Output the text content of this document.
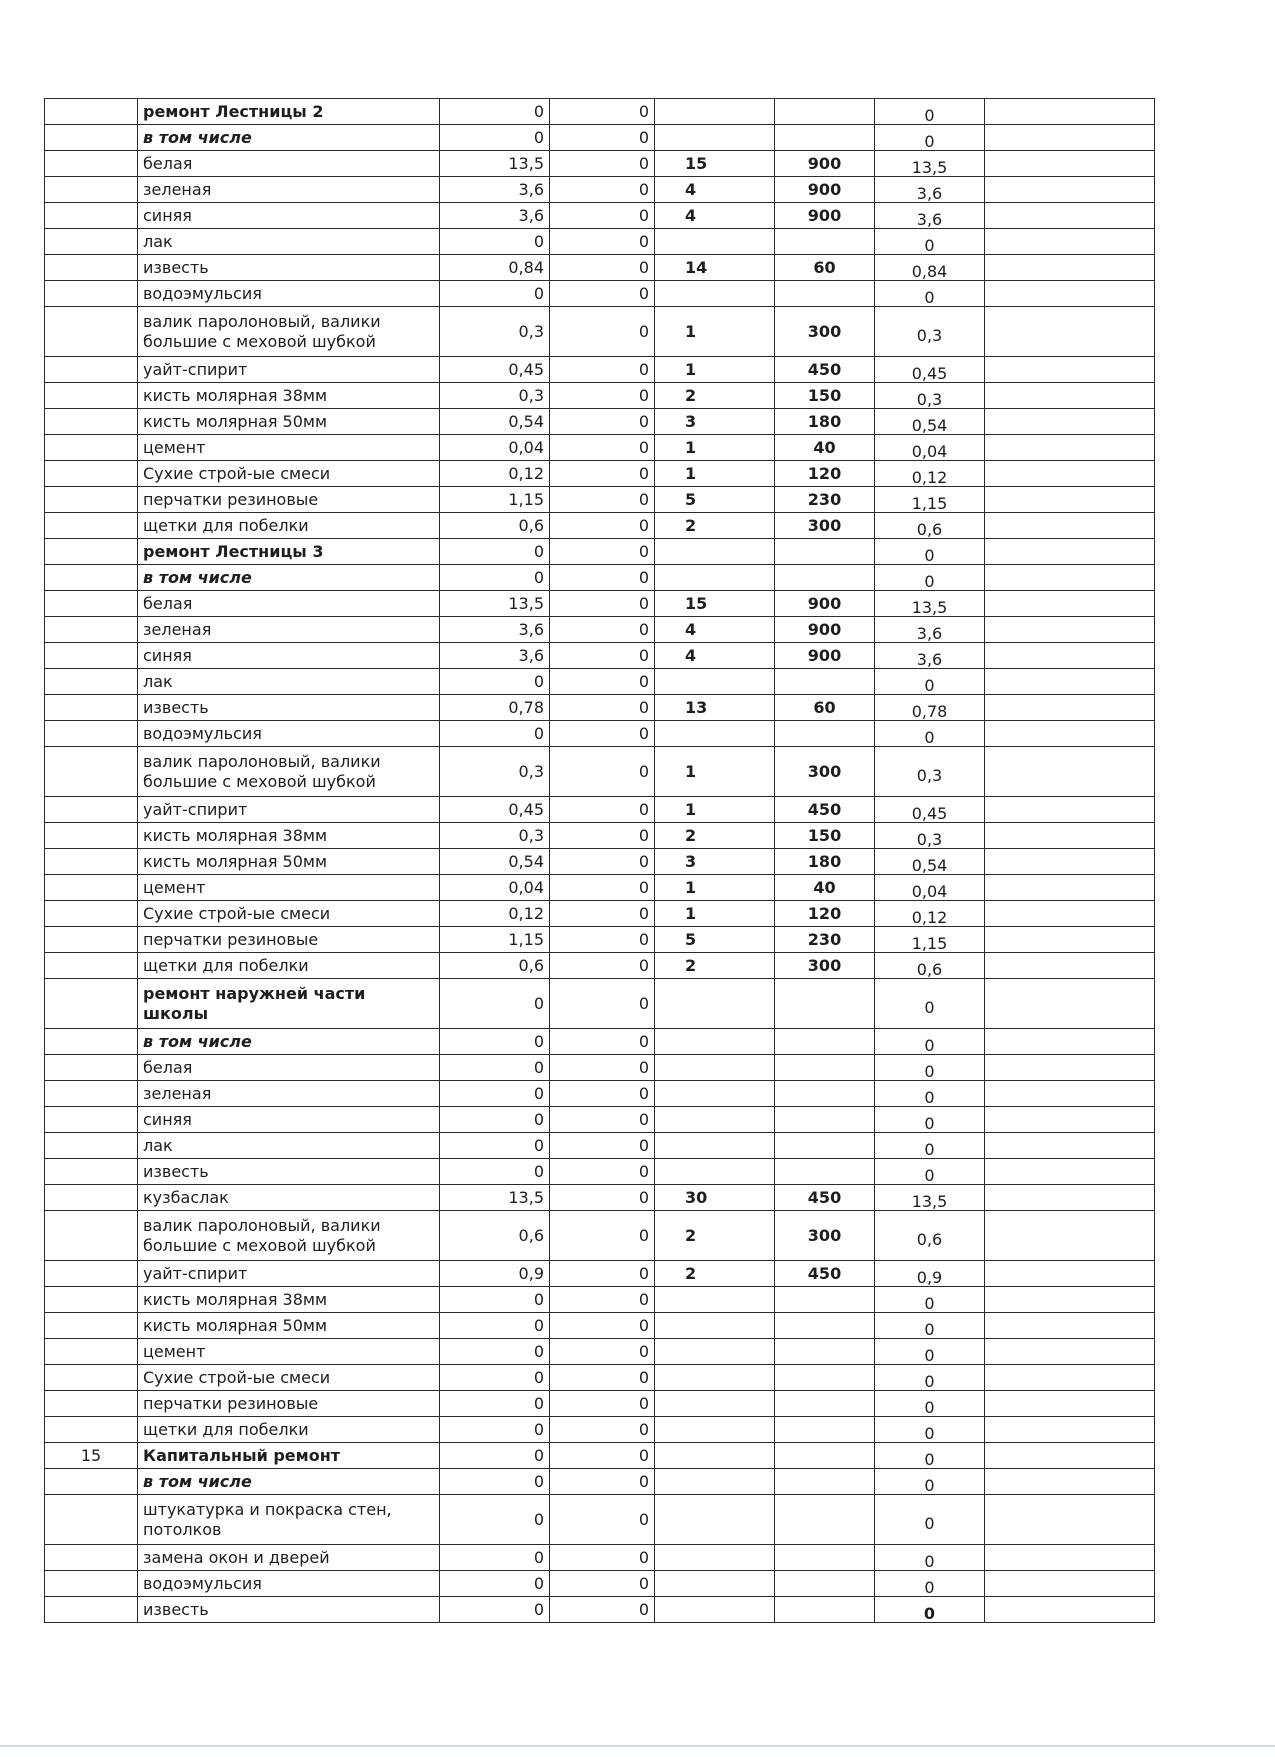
	ремонт Лестницы 2	0	0			0	
	в том числе	0	0			0	
	белая	13,5	0	15	900	13,5	
	зеленая	3,6	0	4	900	3,6	
	синяя	3,6	0	4	900	3,6	
	лак	0	0			0	
	известь	0,84	0	14	60	0,84	
	водоэмульсия	0	0			0	
	валик паролоновый, валики большие с меховой шубкой	0,3	0	1	300	0,3	
	уайт-спирит	0,45	0	1	450	0,45	
	кисть молярная 38мм	0,3	0	2	150	0,3	
	кисть молярная 50мм	0,54	0	3	180	0,54	
	цемент	0,04	0	1	40	0,04	
	Сухие строй-ые смеси	0,12	0	1	120	0,12	
	перчатки резиновые	1,15	0	5	230	1,15	
	щетки для побелки	0,6	0	2	300	0,6	
	ремонт Лестницы 3	0	0			0	
	в том числе	0	0			0	
	белая	13,5	0	15	900	13,5	
	зеленая	3,6	0	4	900	3,6	
	синяя	3,6	0	4	900	3,6	
	лак	0	0			0	
	известь	0,78	0	13	60	0,78	
	водоэмульсия	0	0			0	
	валик паролоновый, валики большие с меховой шубкой	0,3	0	1	300	0,3	
	уайт-спирит	0,45	0	1	450	0,45	
	кисть молярная 38мм	0,3	0	2	150	0,3	
	кисть молярная 50мм	0,54	0	3	180	0,54	
	цемент	0,04	0	1	40	0,04	
	Сухие строй-ые смеси	0,12	0	1	120	0,12	
	перчатки резиновые	1,15	0	5	230	1,15	
	щетки для побелки	0,6	0	2	300	0,6	
	ремонт наружней части школы	0	0			0	
	в том числе	0	0			0	
	белая	0	0			0	
	зеленая	0	0			0	
	синяя	0	0			0	
	лак	0	0			0	
	известь	0	0			0	
	кузбаслак	13,5	0	30	450	13,5	
	валик паролоновый, валики большие с меховой шубкой	0,6	0	2	300	0,6	
	уайт-спирит	0,9	0	2	450	0,9	
	кисть молярная 38мм	0	0			0	
	кисть молярная 50мм	0	0			0	
	цемент	0	0			0	
	Сухие строй-ые смеси	0	0			0	
	перчатки резиновые	0	0			0	
	щетки для побелки	0	0			0	
15	Капитальный ремонт	0	0			0	
	в том числе	0	0			0	
	штукатурка и покраска стен, потолков	0	0			0	
	замена окон и дверей	0	0			0	
	водоэмульсия	0	0			0	
	известь	0	0			0	
